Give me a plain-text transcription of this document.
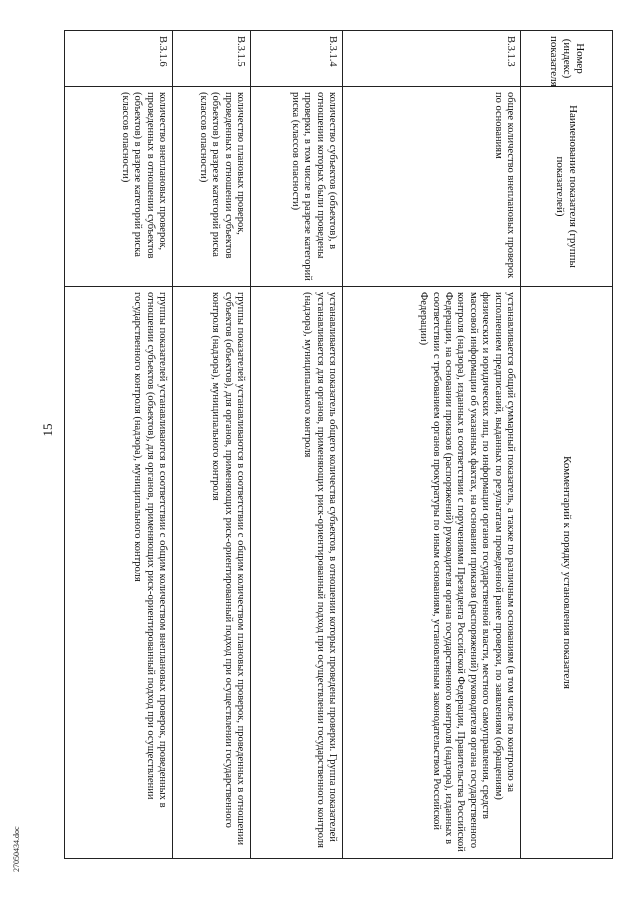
15
Номер (индекс) показателя	Наименование показателя (группы показателей)	Комментарий к порядку установления показателя
В.3.1.3	общее количество внеплановых проверок по основаниям	устанавливается общий суммарный показатель, а также по различным основаниям (в том числе по контролю за исполнением предписаний, выданных по результатам проведенной ранее проверки, по заявлениям (обращениям) физических и юридических лиц, по информации органов государственной власти, местного самоуправления, средств массовой информации об указанных фактах, на основании приказов (распоряжений) руководителя органа государственного контроля (надзора), изданных в соответствии с поручениями Президента Российской Федерации, Правительства Российской Федерации, на основании приказов (распоряжений) руководителя органа государственного контроля (надзора), изданных в соответствии с требованием органов прокуратуры по иным основаниям, установленным законодательством Российской Федерации)
В.3.1.4	количество субъектов (объектов), в отношении которых были проведены проверки, в том числе в разрезе категорий риска (классов опасности)	устанавливается показатель общего количества субъектов, в отношении которых проведены проверки. Группа показателей устанавливается для органов, применяющих риск-ориентированный подход при осуществлении государственного контроля (надзора), муниципального контроля
В.3.1.5	количество плановых проверок, проведенных в отношении субъектов (объектов) в разрезе категорий риска (классов опасности)	группы показателей устанавливаются в соответствии с общим количеством плановых проверок, проведенных в отношении субъектов (объектов), для органов, применяющих риск-ориентированный подход при осуществлении государственного контроля (надзора), муниципального контроля
В.3.1.6	количество внеплановых проверок, проведенных в отношении субъектов (объектов) в разрезе категорий риска (классов опасности)	группы показателей устанавливаются в соответствии с общим количеством внеплановых проверок, проведенных в отношении субъектов (объектов), для органов, применяющих риск-ориентированный подход при осуществлении государственного контроля (надзора), муниципального контроля
27050434.doc
